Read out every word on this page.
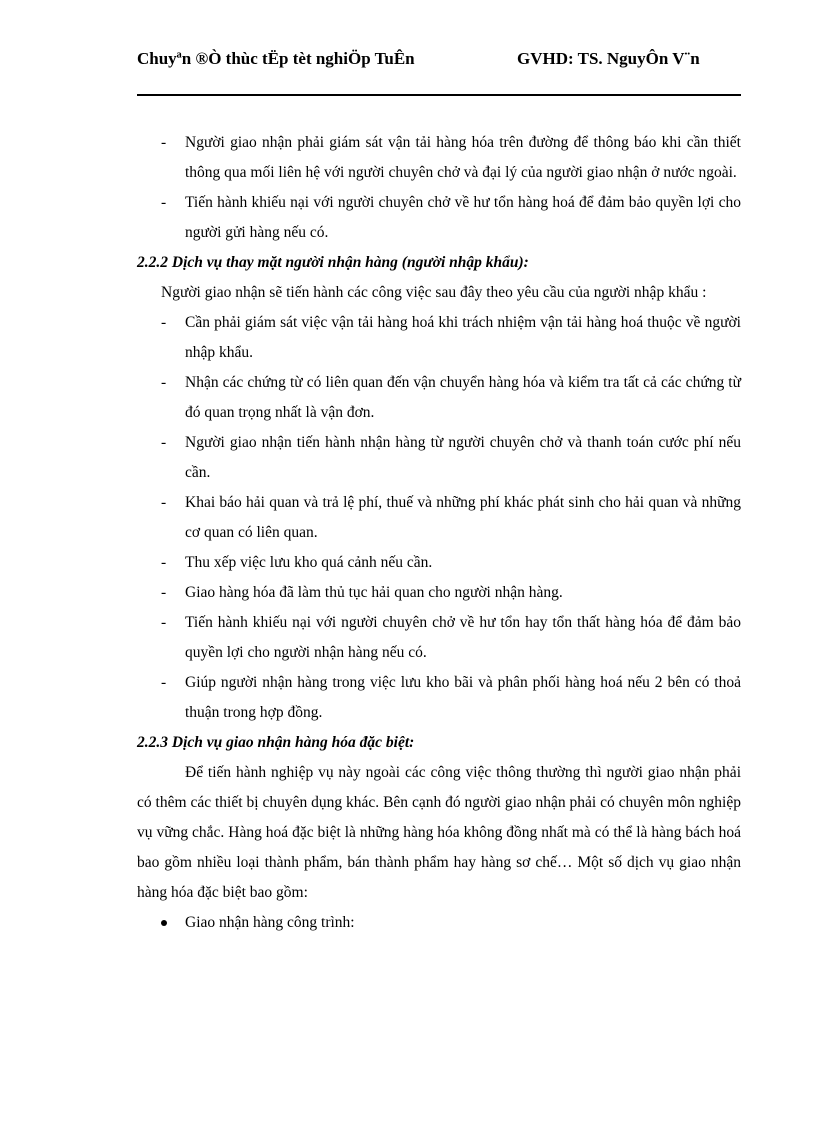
Chuyªn ®Ò thùc tËp tèt nghiÖp TuÊn	GVHD: TS. NguyÔn V¨n
- Người giao nhận phải giám sát vận tải hàng hóa trên đường để thông báo khi cần thiết thông qua mối liên hệ với người chuyên chở và đại lý của người giao nhận ở nước ngoài.
- Tiến hành khiếu nại với người chuyên chở về hư tổn hàng hoá để đảm bảo quyền lợi cho người gửi hàng nếu có.
2.2.2 Dịch vụ thay mặt người nhận hàng (người nhập khẩu):
Người giao nhận sẽ tiến hành các công việc sau đây theo yêu cầu của người nhập khẩu :
- Cần phải giám sát việc vận tải hàng hoá khi trách nhiệm vận tải hàng hoá thuộc về người nhập khẩu.
- Nhận các chứng từ có liên quan đến vận chuyển hàng hóa và kiểm tra tất cả các chứng từ đó quan trọng nhất là vận đơn.
- Người giao nhận tiến hành nhận hàng từ người chuyên chở và thanh toán cước phí nếu cần.
- Khai báo hải quan và trả lệ phí, thuế và những phí khác phát sinh cho hải quan và những cơ quan có liên quan.
- Thu xếp việc lưu kho quá cảnh nếu cần.
- Giao hàng hóa đã làm thủ tục hải quan cho người nhận hàng.
- Tiến hành khiếu nại với người chuyên chở về hư tổn hay tổn thất hàng hóa để đảm bảo quyền lợi cho người nhận hàng nếu có.
- Giúp người nhận hàng trong việc lưu kho bãi và phân phối hàng hoá nếu 2 bên có thoả thuận trong hợp đồng.
2.2.3 Dịch vụ giao nhận hàng hóa đặc biệt:
Để tiến hành nghiệp vụ này ngoài các công việc thông thường thì người giao nhận phải có thêm các thiết bị chuyên dụng khác. Bên cạnh đó người giao nhận phải có chuyên môn nghiệp vụ vững chắc. Hàng hoá đặc biệt là những hàng hóa không đồng nhất mà có thể là hàng bách hoá bao gồm nhiều loại thành phẩm, bán thành phẩm hay hàng sơ chế… Một số dịch vụ giao nhận hàng hóa đặc biệt bao gồm:
Giao nhận hàng công trình:
